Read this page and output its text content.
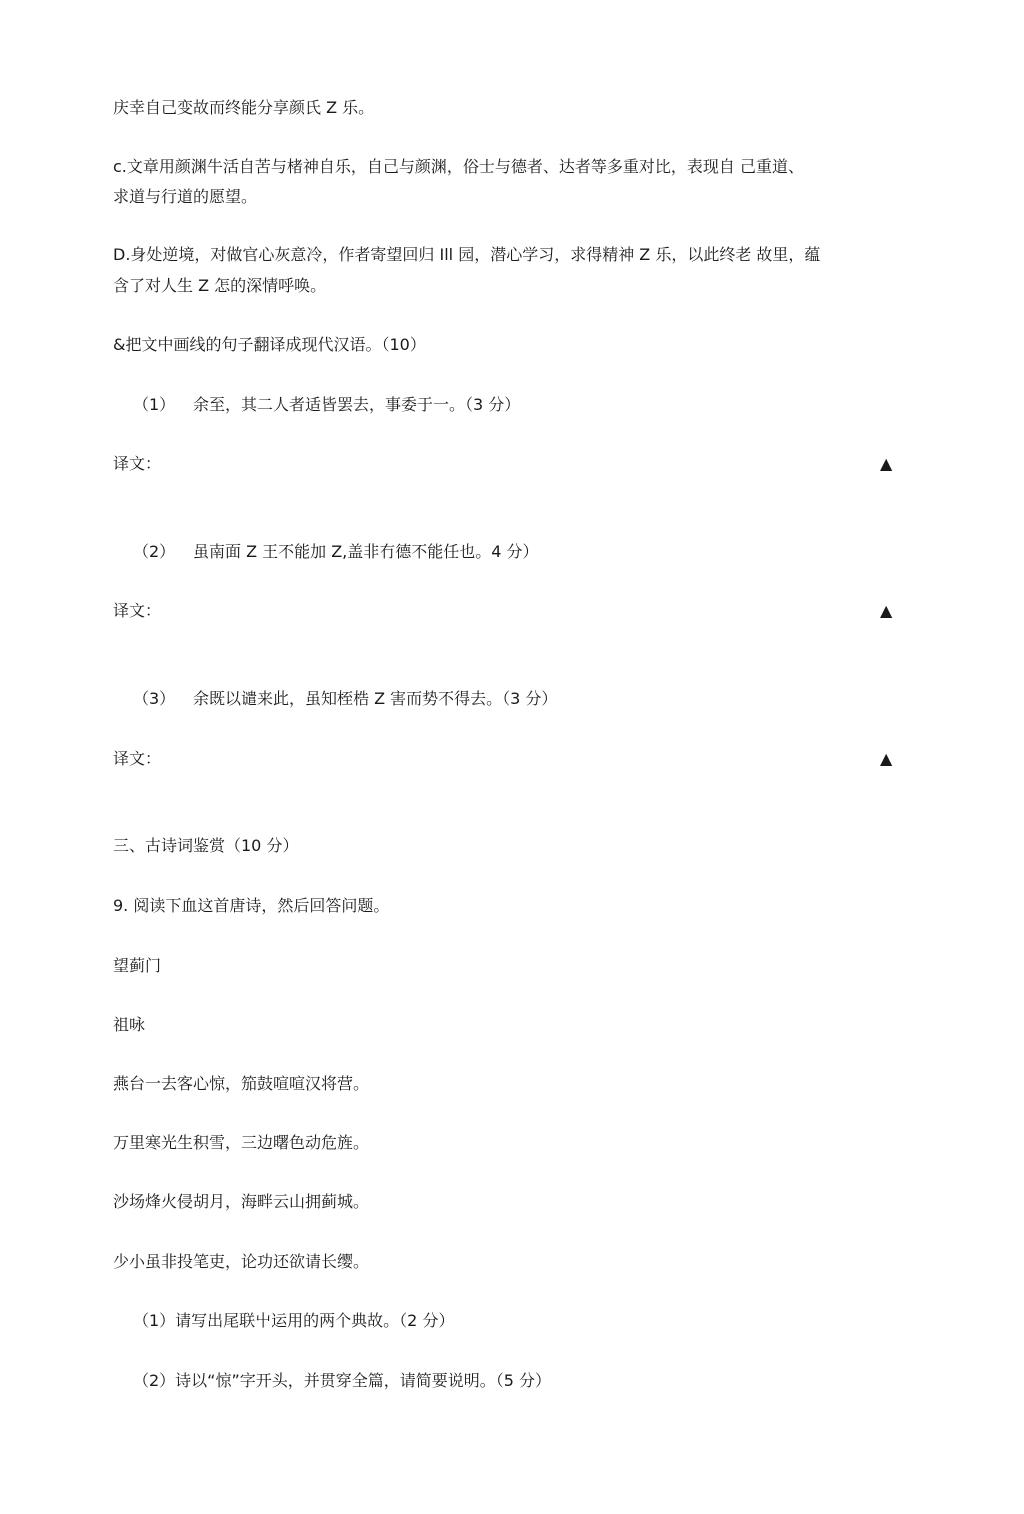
庆幸自己变故而终能分享颜氏 Z 乐。
c.文章用颜渊牛活自苦与楮神自乐，自己与颜渊，俗士与德者、达者等多重对比，表现自 己重道、
求道与行道的愿望。
D.身处逆境，对做官心灰意冷，作者寄望回归 Ill 园，潜心学习，求得精神 Z 乐，以此终老 故里，蕴
含了对人生 Z 怎的深情呼唤。
&把文中画线的句子翻译成现代汉语。（10）
（1） 余至，其二人者适皆罢去，事委于一。（3 分）
译文：	▲
（2） 虽南面 Z 王不能加 Z,盖非冇德不能任也。4 分）
译文：	▲
（3） 余既以谴来此，虽知桎梏 Z 害而势不得去。（3 分）
译文：	▲
三、古诗词鉴赏（10 分）
9. 阅读下血这首唐诗，然后回答问题。
望蓟门
祖咏
燕台一去客心惊，笳鼓喧喧汉将营。
万里寒光生积雪，三边曙色动危旌。
沙场烽火侵胡月，海畔云山拥蓟城。
少小虽非投笔吏，论功还欲请长缨。
（1）请写出尾联屮运用的两个典故。（2 分）
（2）诗以“惊”字开头，并贯穿全篇，请简要说明。（5 分）
